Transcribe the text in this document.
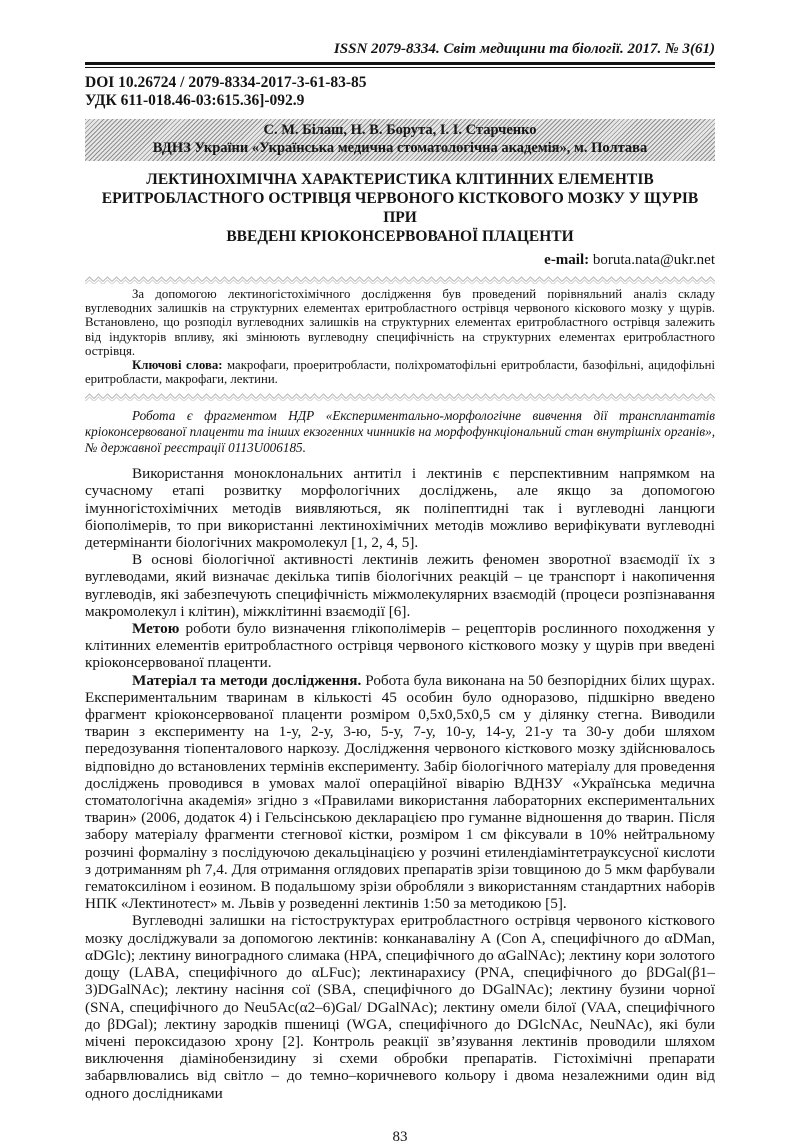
ISSN 2079-8334. Світ медицини та біології. 2017. № 3(61)
DOI 10.26724 / 2079-8334-2017-3-61-83-85
УДК 611-018.46-03:615.36]-092.9
С. М. Білаш, Н. В. Борута, І. І. Старченко
ВДНЗ України «Українська медична стоматологічна академія», м. Полтава
ЛЕКТИНОХІМІЧНА ХАРАКТЕРИСТИКА КЛІТИННИХ ЕЛЕМЕНТІВ
ЕРИТРОБЛАСТНОГО ОСТРІВЦЯ ЧЕРВОНОГО КІСТКОВОГО МОЗКУ У ЩУРІВ ПРИ
ВВЕДЕНІ КРІОКОНСЕРВОВАНОЇ ПЛАЦЕНТИ
e-mail: boruta.nata@ukr.net

За допомогою лектиногістохімічного дослідження був проведений порівняльний аналіз складу вуглеводних залишків на структурних елементах еритробластного острівця червоного кіскового мозку у щурів. Встановлено, що розподіл вуглеводних залишків на структурних елементах еритробластного острівця залежить від індукторів впливу, які змінюють вуглеводну специфічність на структурних елементах еритробластного острівця.

Ключові слова: макрофаги, проеритробласти, поліхроматофільні еритробласти, базофільні, ацидофільні еритробласти, макрофаги, лектини.

Робота є фрагментом НДР «Експериментально-морфологічне вивчення дії трансплантатів кріоконсервованої плаценти та інших екзогенних чинників на морфофункціональний стан внутрішніх органів», № державної реєстрації 0113U006185.

Використання моноклональних антитіл і лектинів є перспективним напрямком на сучасному етапі розвитку морфологічних досліджень, але якщо за допомогою імунногістохімічних методів виявляються, як поліпептидні так і вуглеводні ланцюги біополімерів, то при використанні лектинохімічних методів можливо верифікувати вуглеводні детермінанти біологічних макромолекул [1, 2, 4, 5].

В основі біологічної активності лектинів лежить феномен зворотної взаємодії їх з вуглеводами, який визначає декілька типів біологічних реакцій – це транспорт і накопичення вуглеводів, які забезпечують специфічність міжмолекулярних взаємодій (процеси розпізнавання макромолекул і клітин), міжклітинні взаємодії [6].

Метою роботи було визначення глікополімерів – рецепторів рослинного походження у клітинних елементів еритробластного острівця червоного кісткового мозку у щурів при введені кріоконсервованої плаценти.

Матеріал та методи дослідження. Робота була виконана на 50 безпорідних білих щурах. Експериментальним тваринам в кількості 45 особин було одноразово, підшкірно введено фрагмент кріоконсервованої плаценти розміром 0,5х0,5х0,5 см у ділянку стегна. Виводили тварин з експерименту на 1-у, 2-у, 3-ю, 5-у, 7-у, 10-у, 14-у, 21-у та 30-у доби шляхом передозування тіопенталового наркозу. Дослідження червоного кісткового мозку здійснювалось відповідно до встановлених термінів експерименту. Забір біологічного матеріалу для проведення досліджень проводився в умовах малої операційної віварію ВДНЗУ «Українська медична стоматологічна академія» згідно з «Правилами використання лабораторних експериментальних тварин» (2006, додаток 4) і Гельсінською декларацією про гуманне відношення до тварин. Після забору матеріалу фрагменти стегнової кістки, розміром 1 см фіксували в 10% нейтральному розчині формаліну з послідуючою декальцінацією у розчині етилендіамінтетрауксусної кислоти з дотриманням ph 7,4. Для отримання оглядових препаратів зрізи товщиною до 5 мкм фарбували гематоксиліном і еозином. В подальшому зрізи обробляли з використанням стандартних наборів НПК «Лектинотест» м. Львів у розведенні лектинів 1:50 за методикою [5].

Вуглеводні залишки на гістоструктурах еритробластного острівця червоного кісткового мозку досліджували за допомогою лектинів: конканаваліну А (Con A, специфічного до αDMan, αDGlc); лектину виноградного слимака (HPA, специфічного до αGalNAc); лектину кори золотого дощу (LABA, специфічного до αLFuc); лектинарахису (PNA, специфічного до βDGal(β1–3)DGalNAc); лектину насіння сої (SBA, специфічного до DGalNAc); лектину бузини чорної (SNA, специфічного до Neu5Ac(α2–6)Gal/ DGalNAc); лектину омели білої (VAA, специфічного до βDGal); лектину зародків пшениці (WGA, специфічного до DGlcNAc, NeuNAc), які були мічені пероксидазою хрону [2]. Контроль реакції зв’язування лектинів проводили шляхом виключення діамінобензидину зі схеми обробки препаратів. Гістохімічні препарати забарвлювались від світло – до темно–коричневого кольору і двома незалежними один від одного дослідниками

83
